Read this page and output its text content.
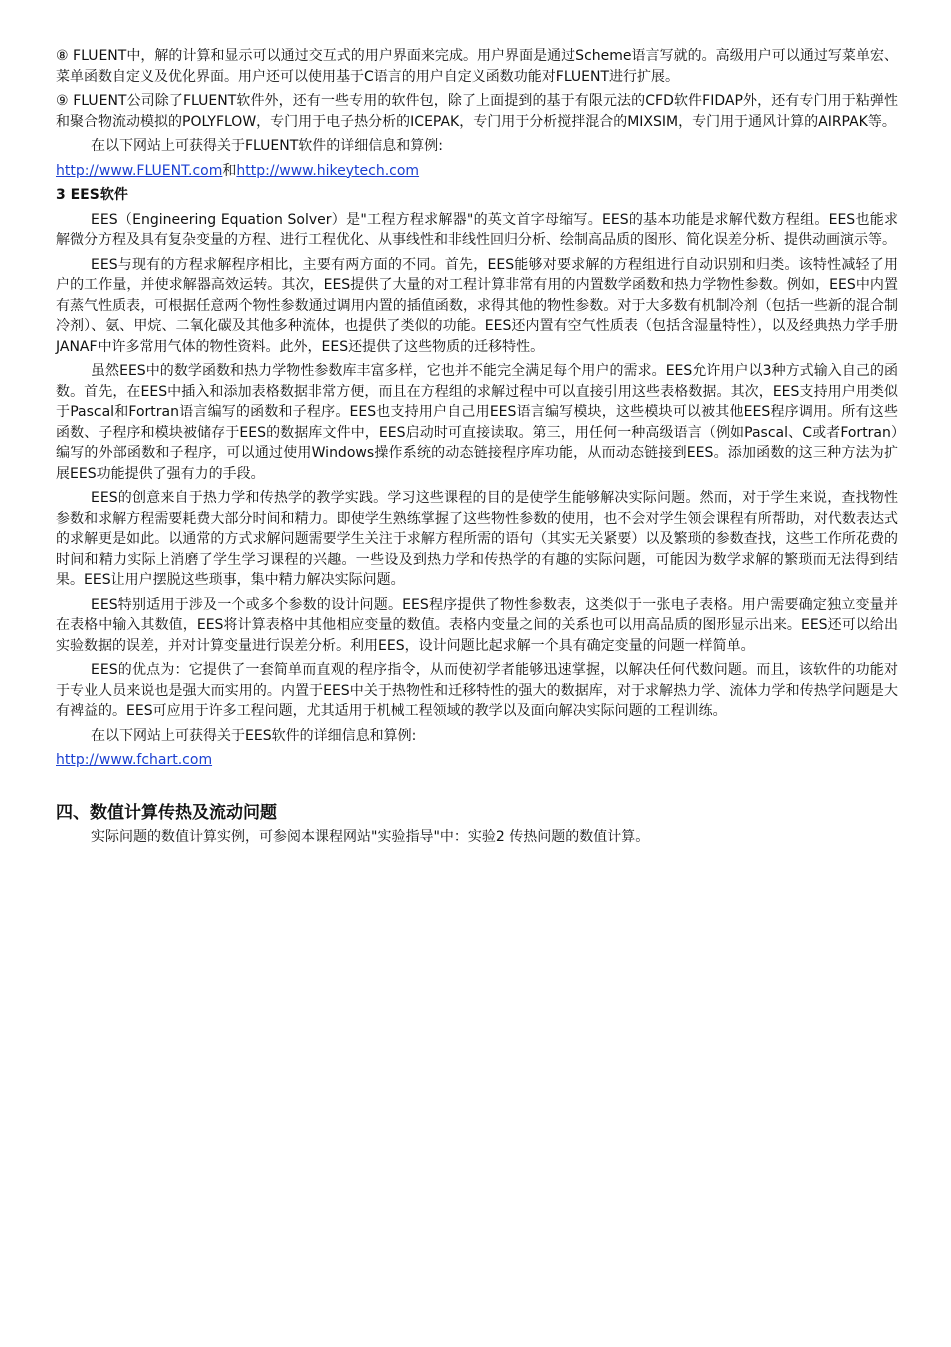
⑧ FLUENT中，解的计算和显示可以通过交互式的用户界面来完成。用户界面是通过Scheme语言写就的。高级用户可以通过写菜单宏、菜单函数自定义及优化界面。用户还可以使用基于C语言的用户自定义函数功能对FLUENT进行扩展。

⑨ FLUENT公司除了FLUENT软件外，还有一些专用的软件包，除了上面提到的基于有限元法的CFD软件FIDAP外，还有专门用于粘弹性和聚合物流动模拟的POLYFLOW，专门用于电子热分析的ICEPAK，专门用于分析搅拌混合的MIXSIM，专门用于通风计算的AIRPAK等。

在以下网站上可获得关于FLUENT软件的详细信息和算例:

http://www.FLUENT.com和http://www.hikeytech.com

3 EES软件

EES（Engineering Equation Solver）是"工程方程求解器"的英文首字母缩写。EES的基本功能是求解代数方程组。EES也能求解微分方程及具有复杂变量的方程、进行工程优化、从事线性和非线性回归分析、绘制高品质的图形、简化误差分析、提供动画演示等。

EES与现有的方程求解程序相比，主要有两方面的不同。首先，EES能够对要求解的方程组进行自动识别和归类。该特性减轻了用户的工作量，并使求解器高效运转。其次，EES提供了大量的对工程计算非常有用的内置数学函数和热力学物性参数。例如，EES中内置有蒸气性质表，可根据任意两个物性参数通过调用内置的插值函数，求得其他的物性参数。对于大多数有机制冷剂（包括一些新的混合制冷剂）、氨、甲烷、二氧化碳及其他多种流体，也提供了类似的功能。EES还内置有空气性质表（包括含湿量特性），以及经典热力学手册JANAF中许多常用气体的物性资料。此外，EES还提供了这些物质的迁移特性。

虽然EES中的数学函数和热力学物性参数库丰富多样，它也并不能完全满足每个用户的需求。EES允许用户以3种方式输入自己的函数。首先，在EES中插入和添加表格数据非常方便，而且在方程组的求解过程中可以直接引用这些表格数据。其次，EES支持用户用类似于Pascal和Fortran语言编写的函数和子程序。EES也支持用户自己用EES语言编写模块，这些模块可以被其他EES程序调用。所有这些函数、子程序和模块被储存于EES的数据库文件中，EES启动时可直接读取。第三，用任何一种高级语言（例如Pascal、C或者Fortran）编写的外部函数和子程序，可以通过使用Windows操作系统的动态链接程序库功能，从而动态链接到EES。添加函数的这三种方法为扩展EES功能提供了强有力的手段。

EES的创意来自于热力学和传热学的教学实践。学习这些课程的目的是使学生能够解决实际问题。然而，对于学生来说，查找物性参数和求解方程需要耗费大部分时间和精力。即使学生熟练掌握了这些物性参数的使用，也不会对学生领会课程有所帮助，对代数表达式的求解更是如此。以通常的方式求解问题需要学生关注于求解方程所需的语句（其实无关紧要）以及繁琐的参数查找，这些工作所花费的时间和精力实际上消磨了学生学习课程的兴趣。一些设及到热力学和传热学的有趣的实际问题，可能因为数学求解的繁琐而无法得到结果。EES让用户摆脱这些琐事，集中精力解决实际问题。

EES特别适用于涉及一个或多个参数的设计问题。EES程序提供了物性参数表，这类似于一张电子表格。用户需要确定独立变量并在表格中输入其数值，EES将计算表格中其他相应变量的数值。表格内变量之间的关系也可以用高品质的图形显示出来。EES还可以给出实验数据的误差，并对计算变量进行误差分析。利用EES，设计问题比起求解一个具有确定变量的问题一样简单。

EES的优点为：它提供了一套简单而直观的程序指令，从而使初学者能够迅速掌握，以解决任何代数问题。而且，该软件的功能对于专业人员来说也是强大而实用的。内置于EES中关于热物性和迁移特性的强大的数据库，对于求解热力学、流体力学和传热学问题是大有裨益的。EES可应用于许多工程问题，尤其适用于机械工程领域的教学以及面向解决实际问题的工程训练。

在以下网站上可获得关于EES软件的详细信息和算例:

http://www.fchart.com

四、数值计算传热及流动问题

实际问题的数值计算实例，可参阅本课程网站"实验指导"中：实验2 传热问题的数值计算。
